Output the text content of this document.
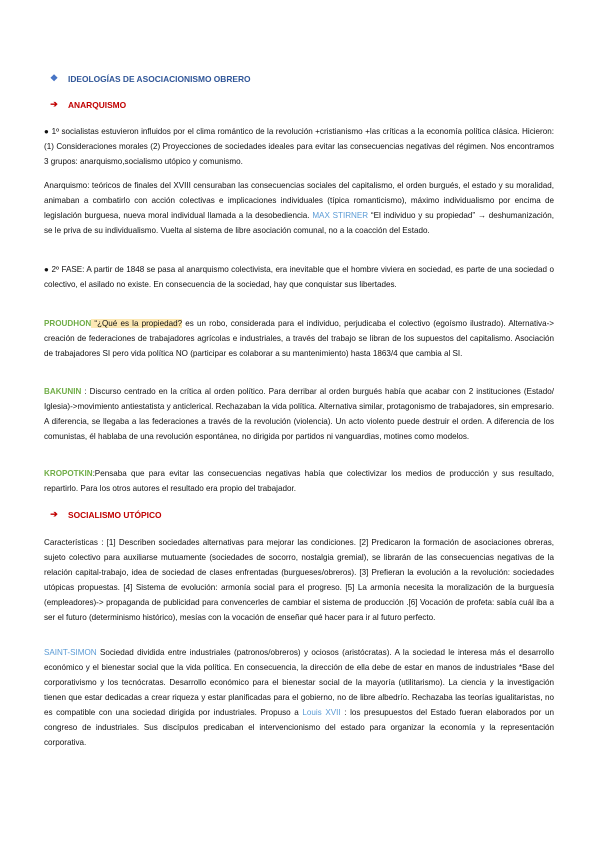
❖ IDEOLOGÍAS DE ASOCIACIONISMO OBRERO
➔ ANARQUISMO

● 1º socialistas estuvieron influidos por el clima romántico de la revolución +cristianismo +las críticas a la economía política clásica. Hicieron:(1) Consideraciones morales (2) Proyecciones de sociedades ideales para evitar las consecuencias negativas del régimen. Nos encontramos 3 grupos: anarquismo,socialismo utópico y comunismo.

Anarquismo: teóricos de finales del XVIII censuraban las consecuencias sociales del capitalismo, el orden burgués, el estado y su moralidad, animaban a combatirlo con acción colectivas e implicaciones individuales (típica romanticismo), máximo individualismo por encima de legislación burguesa, nueva moral individual llamada a la desobediencia. MAX STIRNER “El individuo y su propiedad” → deshumanización, se le priva de su individualismo. Vuelta al sistema de libre asociación comunal, no a la coacción del Estado.

● 2º FASE: A partir de 1848 se pasa al anarquismo colectivista, era inevitable que el hombre viviera en sociedad, es parte de una sociedad o colectivo, el asilado no existe. En consecuencia de la sociedad, hay que conquistar sus libertades.

PROUDHON “¿Qué es la propiedad? es un robo, considerada para el individuo, perjudicaba el colectivo (egoísmo ilustrado). Alternativa-> creación de federaciones de trabajadores agrícolas e industriales, a través del trabajo se libran de los supuestos del capitalismo. Asociación de trabajadores SI pero vida política NO (participar es colaborar a su mantenimiento) hasta 1863/4 que cambia al SI.

BAKUNIN : Discurso centrado en la crítica al orden político. Para derribar al orden burgués había que acabar con 2 instituciones (Estado/ Iglesia)->movimiento antiestatista y anticlerical. Rechazaban la vida política. Alternativa similar, protagonismo de trabajadores, sin empresario. A diferencia, se llegaba a las federaciones a través de la revolución (violencia). Un acto violento puede destruir el orden. A diferencia de los comunistas, él hablaba de una revolución espontánea, no dirigida por partidos ni vanguardias, motines como modelos.

KROPOTKIN:Pensaba que para evitar las consecuencias negativas había que colectivizar los medios de producción y sus resultado, repartirlo. Para los otros autores el resultado era propio del trabajador.

➔ SOCIALISMO UTÓPICO

Características : [1] Describen sociedades alternativas para mejorar las condiciones. [2] Predicaron la formación de asociaciones obreras, sujeto colectivo para auxiliarse mutuamente (sociedades de socorro, nostalgia gremial), se librarán de las consecuencias negativas de la relación capital-trabajo, idea de sociedad de clases enfrentadas (burgueses/obreros). [3] Prefieran la evolución a la revolución: sociedades utópicas propuestas. [4] Sistema de evolución: armonía social para el progreso. [5] La armonía necesita la moralización de la burguesía (empleadores)-> propaganda de publicidad para convencerles de cambiar el sistema de producción .[6] Vocación de profeta: sabía cuál iba a ser el futuro (determinismo histórico), mesías con la vocación de enseñar qué hacer para ir al futuro perfecto.

SAINT-SIMON Sociedad dividida entre industriales (patronos/obreros) y ociosos (aristócratas). A la sociedad le interesa más el desarrollo económico y el bienestar social que la vida política. En consecuencia, la dirección de ella debe de estar en manos de industriales *Base del corporativismo y los tecnócratas. Desarrollo económico para el bienestar social de la mayoría (utilitarismo). La ciencia y la investigación tienen que estar dedicadas a crear riqueza y estar planificadas para el gobierno, no de libre albedrío. Rechazaba las teorías igualitaristas, no es compatible con una sociedad dirigida por industriales. Propuso a Louis XVII : los presupuestos del Estado fueran elaborados por un congreso de industriales. Sus discípulos predicaban el intervencionismo del estado para organizar la economía y la representación corporativa.
